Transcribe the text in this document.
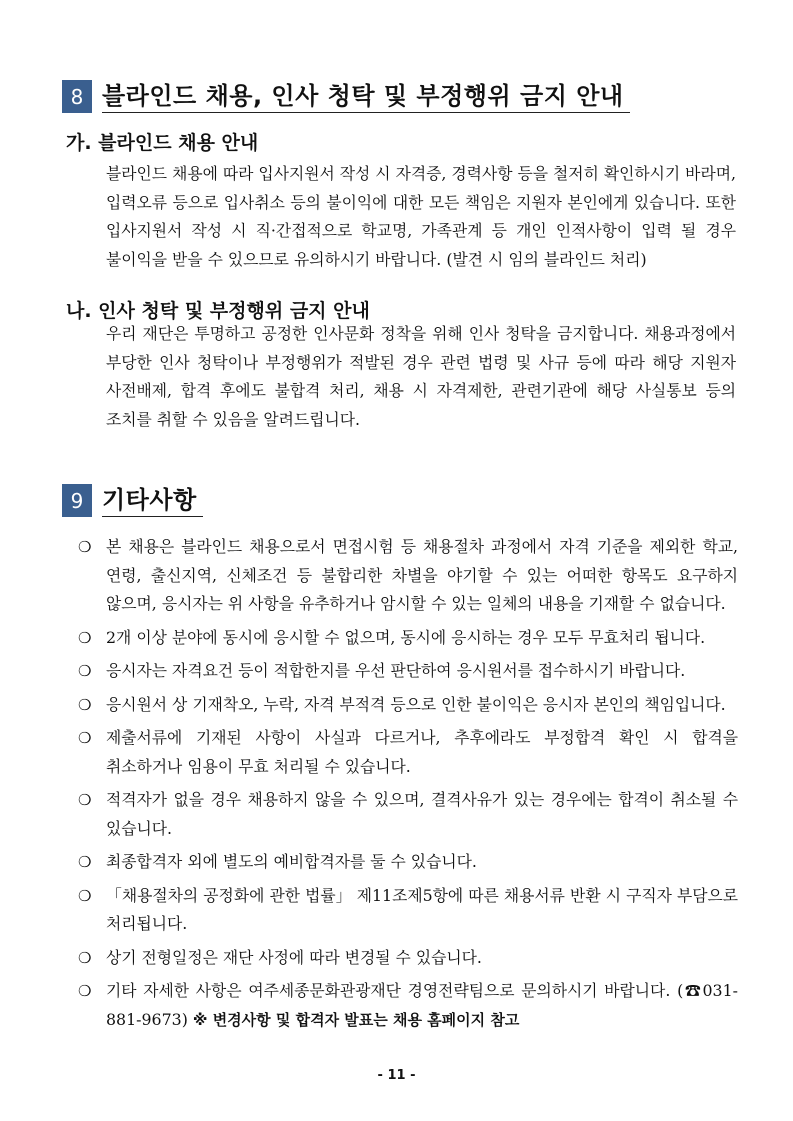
8 블라인드 채용, 인사 청탁 및 부정행위 금지 안내
가. 블라인드 채용 안내
블라인드 채용에 따라 입사지원서 작성 시 자격증, 경력사항 등을 철저히 확인하시기 바라며, 입력오류 등으로 입사취소 등의 불이익에 대한 모든 책임은 지원자 본인에게 있습니다. 또한 입사지원서 작성 시 직·간접적으로 학교명, 가족관계 등 개인 인적사항이 입력 될 경우 불이익을 받을 수 있으므로 유의하시기 바랍니다. (발견 시 임의 블라인드 처리)
나. 인사 청탁 및 부정행위 금지 안내
우리 재단은 투명하고 공정한 인사문화 정착을 위해 인사 청탁을 금지합니다. 채용과정에서 부당한 인사 청탁이나 부정행위가 적발된 경우 관련 법령 및 사규 등에 따라 해당 지원자 사전배제, 합격 후에도 불합격 처리, 채용 시 자격제한, 관련기관에 해당 사실통보 등의 조치를 취할 수 있음을 알려드립니다.
9 기타사항
❍ 본 채용은 블라인드 채용으로서 면접시험 등 채용절차 과정에서 자격 기준을 제외한 학교, 연령, 출신지역, 신체조건 등 불합리한 차별을 야기할 수 있는 어떠한 항목도 요구하지 않으며, 응시자는 위 사항을 유추하거나 암시할 수 있는 일체의 내용을 기재할 수 없습니다.
❍ 2개 이상 분야에 동시에 응시할 수 없으며, 동시에 응시하는 경우 모두 무효처리 됩니다.
❍ 응시자는 자격요건 등이 적합한지를 우선 판단하여 응시원서를 접수하시기 바랍니다.
❍ 응시원서 상 기재착오, 누락, 자격 부적격 등으로 인한 불이익은 응시자 본인의 책임입니다.
❍ 제출서류에 기재된 사항이 사실과 다르거나, 추후에라도 부정합격 확인 시 합격을 취소하거나 임용이 무효 처리될 수 있습니다.
❍ 적격자가 없을 경우 채용하지 않을 수 있으며, 결격사유가 있는 경우에는 합격이 취소될 수 있습니다.
❍ 최종합격자 외에 별도의 예비합격자를 둘 수 있습니다.
❍ 「채용절차의 공정화에 관한 법률」 제11조제5항에 따른 채용서류 반환 시 구직자 부담으로 처리됩니다.
❍ 상기 전형일정은 재단 사정에 따라 변경될 수 있습니다.
❍ 기타 자세한 사항은 여주세종문화관광재단 경영전략팀으로 문의하시기 바랍니다. (☎031-881-9673) ※ 변경사항 및 합격자 발표는 채용 홈페이지 참고
- 11 -
